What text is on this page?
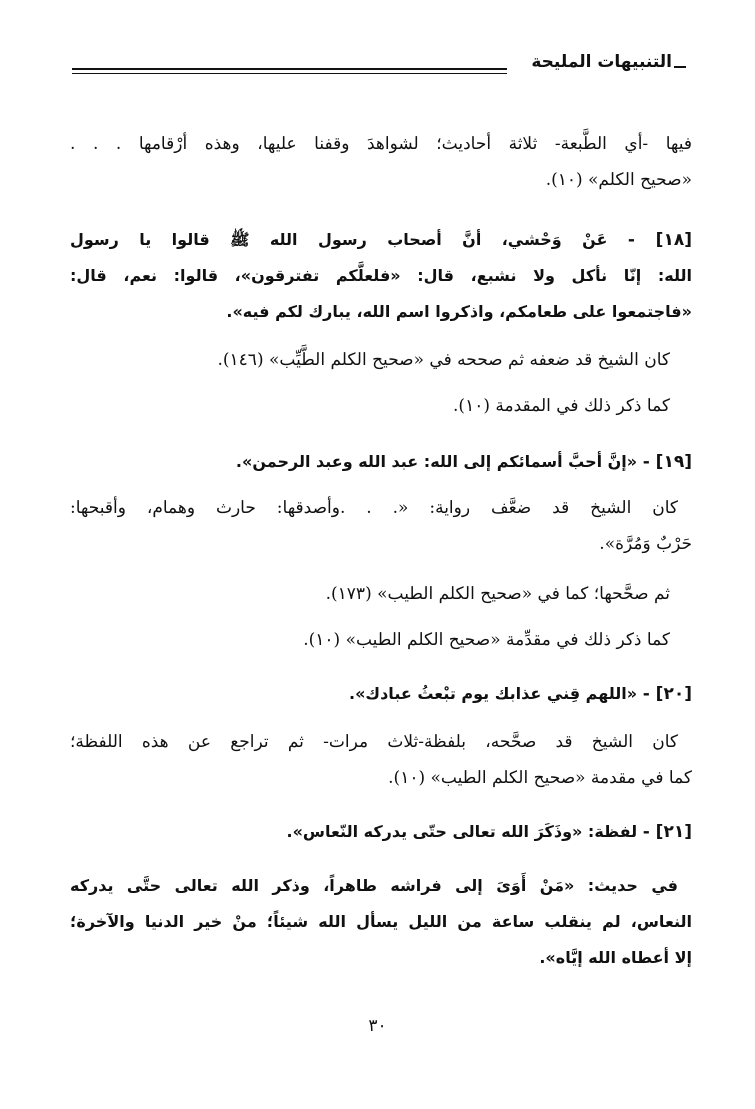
التنبيهات المليحة
فيها -أي الطَّبعة- ثلاثة أحاديث؛ لشواهدَ وقفنا عليها، وهذه أرْقامها . . .
«صحيح الكلم» (١٠).
[١٨] - عَنْ وَحْشي، أنَّ أصحاب رسول الله ﷺ قالوا يا رسول
الله: إنّا نأكل ولا نشبع، قال: «فلعلَّكم تفترقون»، قالوا: نعم، قال:
«فاجتمعوا على طعامكم، واذكروا اسم الله، يبارك لكم فيه».
كان الشيخ قد ضعفه ثم صححه في «صحيح الكلم الطَّيِّب» (١٤٦).
كما ذكر ذلك في المقدمة (١٠).
[١٩] - «إنَّ أحبَّ أسمائكم إلى الله: عبد الله وعبد الرحمن».
كان الشيخ قد ضعَّف رواية: «. . .وأصدقها: حارث وهمام، وأقبحها:
حَرْبٌ وَمُرَّة».
ثم صحَّحها؛ كما في «صحيح الكلم الطيب» (١٧٣).
كما ذكر ذلك في مقدِّمة «صحيح الكلم الطيب» (١٠).
[٢٠] - «اللهم قِني عذابك يوم تبْعثُ عبادك».
كان الشيخ قد صحَّحه، بلفظة-ثلاث مرات- ثم تراجع عن هذه اللفظة؛
كما في مقدمة «صحيح الكلم الطيب» (١٠).
[٢١] - لفظة: «وذَكَرَ الله تعالى حتّى يدركه النّعاس».
في حديث: «مَنْ أَوَىَ إلى فراشه طاهراً، وذكر الله تعالى حتَّى يدركه
النعاس، لم ينقلب ساعة من الليل يسأل الله شيئاً؛ منْ خير الدنيا والآخرة؛
إلا أعطاه الله إيَّاه».
٣٠
